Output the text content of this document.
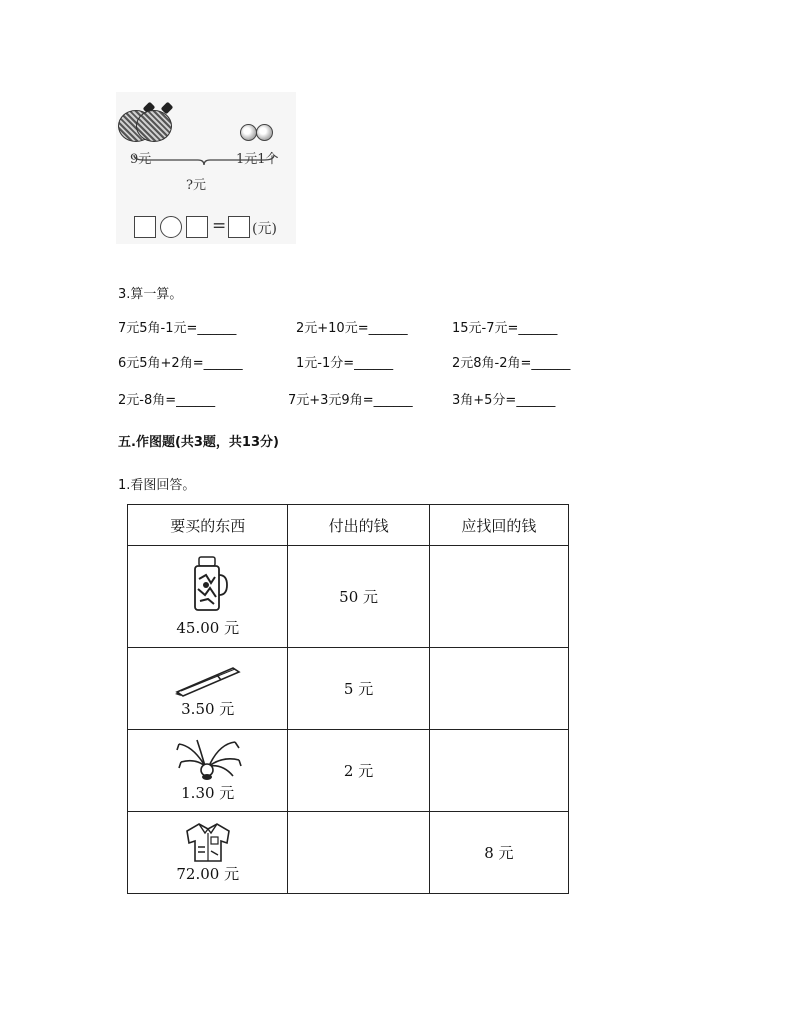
9元	1元1个
?元
= (元)
3.算一算。
7元5角-1元=______	2元+10元=______	15元-7元=______
6元5角+2角=______	1元-1分=______	2元8角-2角=______
2元-8角=______	7元+3元9角=______	3角+5分=______
五.作图题(共3题，共13分)
1.看图回答。
要买的东西	付出的钱	应找回的钱

45.00 元	50 元	

3.50 元	5 元	

1.30 元	2 元	

72.00 元		8 元
